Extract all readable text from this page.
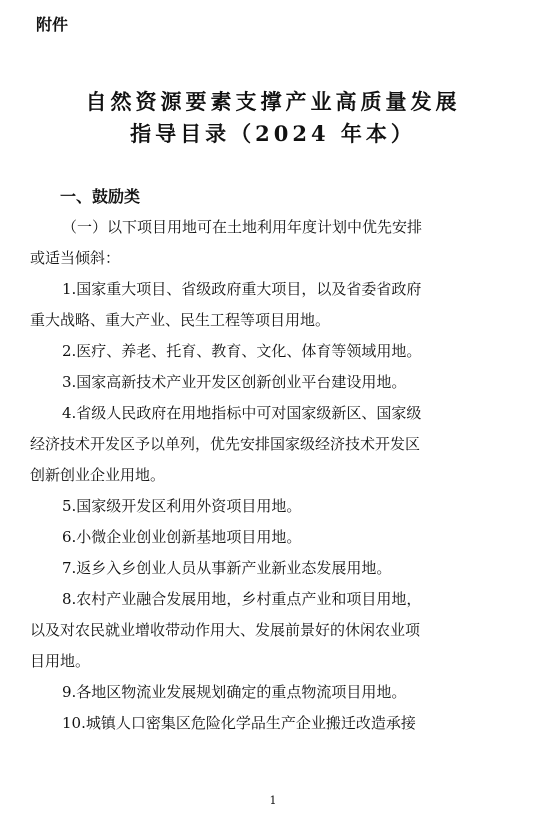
附件
自然资源要素支撑产业高质量发展
指导目录（2024 年本）
一、鼓励类
（一）以下项目用地可在土地利用年度计划中优先安排
或适当倾斜：
1.国家重大项目、省级政府重大项目，以及省委省政府
重大战略、重大产业、民生工程等项目用地。
2.医疗、养老、托育、教育、文化、体育等领域用地。
3.国家高新技术产业开发区创新创业平台建设用地。
4.省级人民政府在用地指标中可对国家级新区、国家级
经济技术开发区予以单列，优先安排国家级经济技术开发区
创新创业企业用地。
5.国家级开发区利用外资项目用地。
6.小微企业创业创新基地项目用地。
7.返乡入乡创业人员从事新产业新业态发展用地。
8.农村产业融合发展用地，乡村重点产业和项目用地，
以及对农民就业增收带动作用大、发展前景好的休闲农业项
目用地。
9.各地区物流业发展规划确定的重点物流项目用地。
10.城镇人口密集区危险化学品生产企业搬迁改造承接
1
